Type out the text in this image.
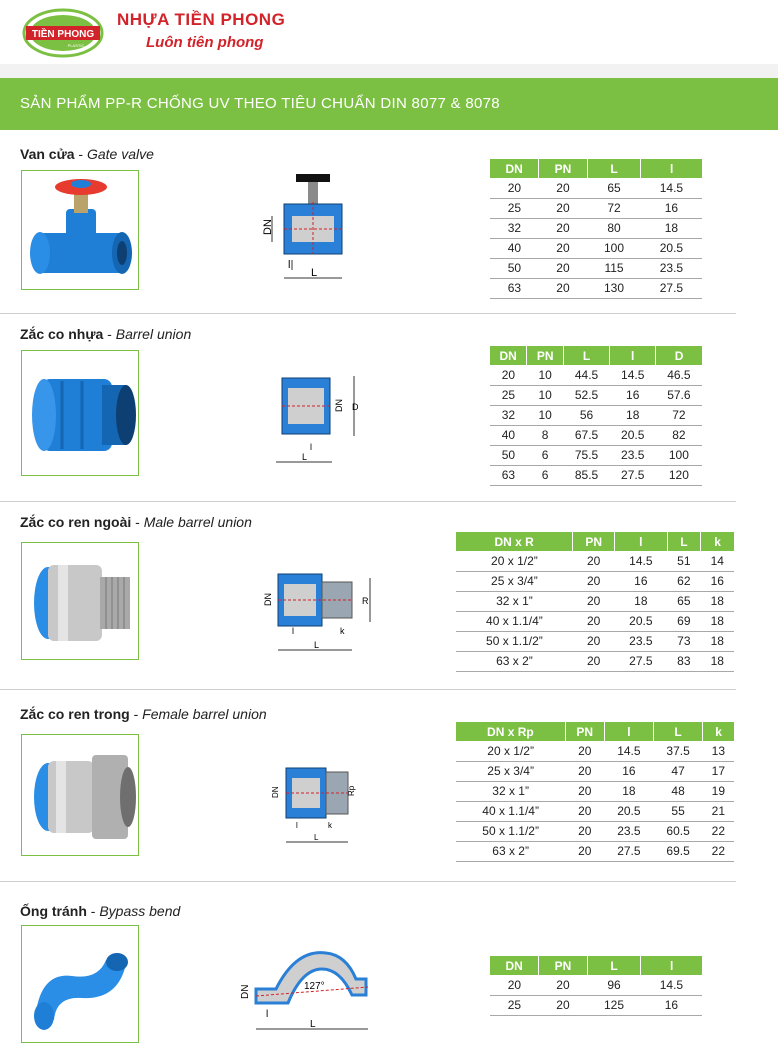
TIỀN PHONG
PLASTIC
NHỰA TIỀN PHONG
Luôn tiên phong
SẢN PHẨM PP-R CHỐNG UV THEO TIÊU CHUẨN DIN 8077 & 8078
Van cửa - Gate valve
DN
l
L
DN	PN	L	l
20	20	65	14.5
25	20	72	16
32	20	80	18
40	20	100	20.5
50	20	115	23.5
63	20	130	27.5
Zắc co nhựa - Barrel union
DN D
l
L
DN	PN	L	l	D
20	10	44.5	14.5	46.5
25	10	52.5	16	57.6
32	10	56	18	72
40	8	67.5	20.5	82
50	6	75.5	23.5	100
63	6	85.5	27.5	120
Zắc co ren ngoài - Male barrel union
DN	R
l	k
L
DN x R	PN	l	L	k
20 x 1/2”	20	14.5	51	14
25 x 3/4”	20	16	62	16
32 x 1”	20	18	65	18
40 x 1.1/4”	20	20.5	69	18
50 x 1.1/2”	20	23.5	73	18
63 x 2”	20	27.5	83	18
Zắc co ren trong - Female barrel union
DN	Rp
l	k
L
DN x Rp	PN	l	L	k
20 x 1/2”	20	14.5	37.5	13
25 x 3/4”	20	16	47	17
32 x 1”	20	18	48	19
40 x 1.1/4”	20	20.5	55	21
50 x 1.1/2”	20	23.5	60.5	22
63 x 2”	20	27.5	69.5	22
Ống tránh - Bypass bend
DN	127°
l
L
DN	PN	L	l
20	20	96	14.5
25	20	125	16
